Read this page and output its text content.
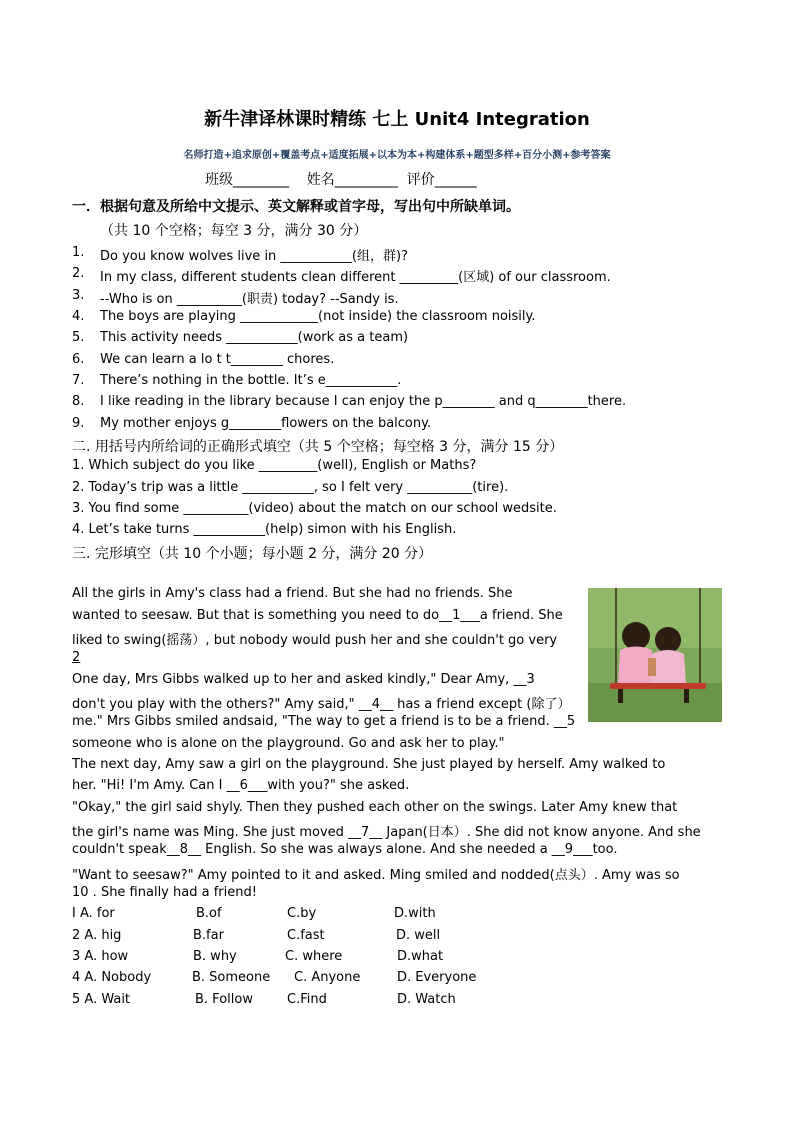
新牛津译林课时精练 七上 Unit4 Integration
名师打造+追求原创+覆盖考点+适度拓展+以本为本+构建体系+题型多样+百分小测+参考答案
班级________    姓名_________  评价______
一．根据句意及所给中文提示、英文解释或首字母，写出句中所缺单词。
（共 10 个空格；每空 3 分，满分 30 分）
1. Do you know wolves live in ___________(组，群)?
2. In my class, different students clean different _________(区域) of our classroom.
3. --Who is on __________(职责) today? --Sandy is.
4. The boys are playing ____________(not inside) the classroom noisily.
5. This activity needs ___________(work as a team)
6. We can learn a lo t t________ chores.
7. There’s nothing in the bottle. It’s e___________.
8. I like reading in the library because I can enjoy the p________ and q________there.
9. My mother enjoys g________flowers on the balcony.
二. 用括号内所给词的正确形式填空（共 5 个空格；每空格 3 分，满分 15 分）
1. Which subject do you like _________(well), English or Maths?
2. Today’s trip was a little ___________, so I felt very __________(tire).
3. You find some __________(video) about the match on our school wedsite.
4. Let’s take turns ___________(help) simon with his English.
三. 完形填空（共 10 个小题；每小题 2 分，满分 20 分）
All the girls in Amy's class had a friend. But she had no friends. She
wanted to seesaw. But that is something you need to do__1___a friend. She
liked to swing(摇荡）, but nobody would push her and she couldn't go very
2
One day, Mrs Gibbs walked up to her and asked kindly," Dear Amy, __3
don't you play with the others?" Amy said," __4__ has a friend except (除了）
me." Mrs Gibbs smiled andsaid, "The way to get a friend is to be a friend. __5
someone who is alone on the playground. Go and ask her to play."
The next day, Amy saw a girl on the playground. She just played by herself. Amy walked to
her. "Hi! I'm Amy. Can I __6___with you?" she asked.
"Okay," the girl said shyly. Then they pushed each other on the swings. Later Amy knew that
the girl's name was Ming. She just moved __7__ Japan(日本）. She did not know anyone. And she
couldn't speak__8__ English. So she was always alone. And she needed a __9___too.
"Want to seesaw?" Amy pointed to it and asked. Ming smiled and nodded(点头）. Amy was so
10 . She finally had a friend!
I A. for	B.of	C.by	D.with
2 A. hig	B.far	C.fast	D. well
3 A. how	B. why	C. where	D.what
4 A. Nobody	B. Someone C. Anyone	D. Everyone
5 A. Wait	B. Follow	C.Find	D. Watch
